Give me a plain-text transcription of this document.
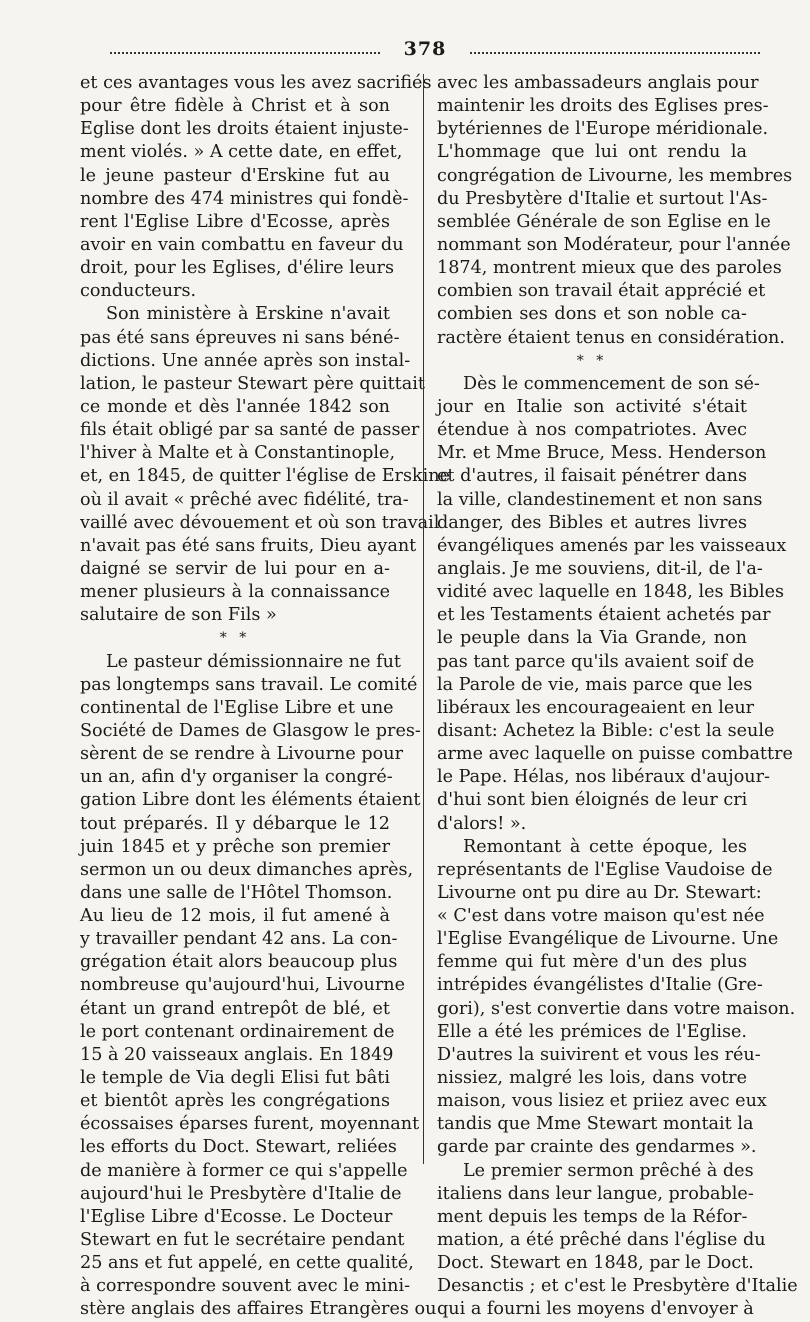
378
et ces avantages vous les avez sacrifiés
pour être fidèle à Christ et à son
Eglise dont les droits étaient injuste-
ment violés. » A cette date, en effet,
le jeune pasteur d'Erskine fut au
nombre des 474 ministres qui fondè-
rent l'Eglise Libre d'Ecosse, après
avoir en vain combattu en faveur du
droit, pour les Eglises, d'élire leurs
conducteurs.
Son ministère à Erskine n'avait
pas été sans épreuves ni sans béné-
dictions. Une année après son instal-
lation, le pasteur Stewart père quittait
ce monde et dès l'année 1842 son
fils était obligé par sa santé de passer
l'hiver à Malte et à Constantinople,
et, en 1845, de quitter l'église de Erskine
où il avait « prêché avec fidélité, tra-
vaillé avec dévouement et où son travail
n'avait pas été sans fruits, Dieu ayant
daigné se servir de lui pour en a-
mener plusieurs à la connaissance
salutaire de son Fils »
* *
Le pasteur démissionnaire ne fut
pas longtemps sans travail. Le comité
continental de l'Eglise Libre et une
Société de Dames de Glasgow le pres-
sèrent de se rendre à Livourne pour
un an, afin d'y organiser la congré-
gation Libre dont les éléments étaient
tout préparés. Il y débarque le 12
juin 1845 et y prêche son premier
sermon un ou deux dimanches après,
dans une salle de l'Hôtel Thomson.
Au lieu de 12 mois, il fut amené à
y travailler pendant 42 ans. La con-
grégation était alors beaucoup plus
nombreuse qu'aujourd'hui, Livourne
étant un grand entrepôt de blé, et
le port contenant ordinairement de
15 à 20 vaisseaux anglais. En 1849
le temple de Via degli Elisi fut bâti
et bientôt après les congrégations
écossaises éparses furent, moyennant
les efforts du Doct. Stewart, reliées
de manière à former ce qui s'appelle
aujourd'hui le Presbytère d'Italie de
l'Eglise Libre d'Ecosse. Le Docteur
Stewart en fut le secrétaire pendant
25 ans et fut appelé, en cette qualité,
à correspondre souvent avec le mini-
stère anglais des affaires Etrangères ou
avec les ambassadeurs anglais pour
maintenir les droits des Eglises pres-
bytériennes de l'Europe méridionale.
L'hommage que lui ont rendu la
congrégation de Livourne, les membres
du Presbytère d'Italie et surtout l'As-
semblée Générale de son Eglise en le
nommant son Modérateur, pour l'année
1874, montrent mieux que des paroles
combien son travail était apprécié et
combien ses dons et son noble ca-
ractère étaient tenus en considération.
* *
Dès le commencement de son sé-
jour en Italie son activité s'était
étendue à nos compatriotes. Avec
Mr. et Mme Bruce, Mess. Henderson
et d'autres, il faisait pénétrer dans
la ville, clandestinement et non sans
danger, des Bibles et autres livres
évangéliques amenés par les vaisseaux
anglais. Je me souviens, dit-il, de l'a-
vidité avec laquelle en 1848, les Bibles
et les Testaments étaient achetés par
le peuple dans la Via Grande, non
pas tant parce qu'ils avaient soif de
la Parole de vie, mais parce que les
libéraux les encourageaient en leur
disant: Achetez la Bible: c'est la seule
arme avec laquelle on puisse combattre
le Pape. Hélas, nos libéraux d'aujour-
d'hui sont bien éloignés de leur cri
d'alors! ».
Remontant à cette époque, les
représentants de l'Eglise Vaudoise de
Livourne ont pu dire au Dr. Stewart:
« C'est dans votre maison qu'est née
l'Eglise Evangélique de Livourne. Une
femme qui fut mère d'un des plus
intrépides évangélistes d'Italie (Gre-
gori), s'est convertie dans votre maison.
Elle a été les prémices de l'Eglise.
D'autres la suivirent et vous les réu-
nissiez, malgré les lois, dans votre
maison, vous lisiez et priiez avec eux
tandis que Mme Stewart montait la
garde par crainte des gendarmes ».
Le premier sermon prêché à des
italiens dans leur langue, probable-
ment depuis les temps de la Réfor-
mation, a été prêché dans l'église du
Doct. Stewart en 1848, par le Doct.
Desanctis ; et c'est le Presbytère d'Italie
qui a fourni les moyens d'envoyer à
